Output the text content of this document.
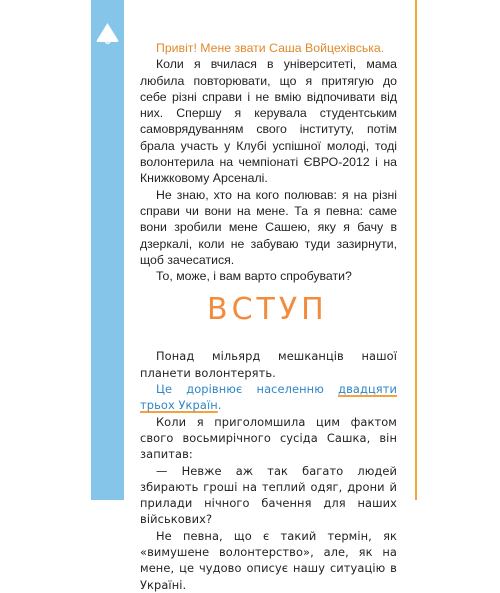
6	Привіт! Мене звати Саша Войцехівська.

Коли я вчилася в університеті, мама любила повторювати, що я притягую до себе різні справи і не вмію відпочивати від них. Спершу я керувала студентським самоврядуванням свого інституту, потім брала участь у Клубі успішної молоді, тоді волонтерила на чемпіонаті ЄВРО-2012 і на Книжковому Арсеналі.

Не знаю, хто на кого полював: я на різні справи чи вони на мене. Та я певна: саме вони зробили мене Сашею, яку я бачу в дзеркалі, коли не забуваю туди зазирнути, щоб зачесатися.

То, може, і вам варто спробувати?

ВСТУП

Понад мільярд мешканців нашої планети волонтерять.

Це дорівнює населенню двадцяти трьох Україн.

Коли я приголомшила цим фактом свого восьмирічного сусіда Сашка, він запитав:

— Невже аж так багато людей збирають гроші на теплий одяг, дрони й прилади нічного бачення для наших військових?

Не певна, що є такий термін, як «вимушене волонтерство», але, як на мене, це чудово описує нашу ситуацію в Україні.
